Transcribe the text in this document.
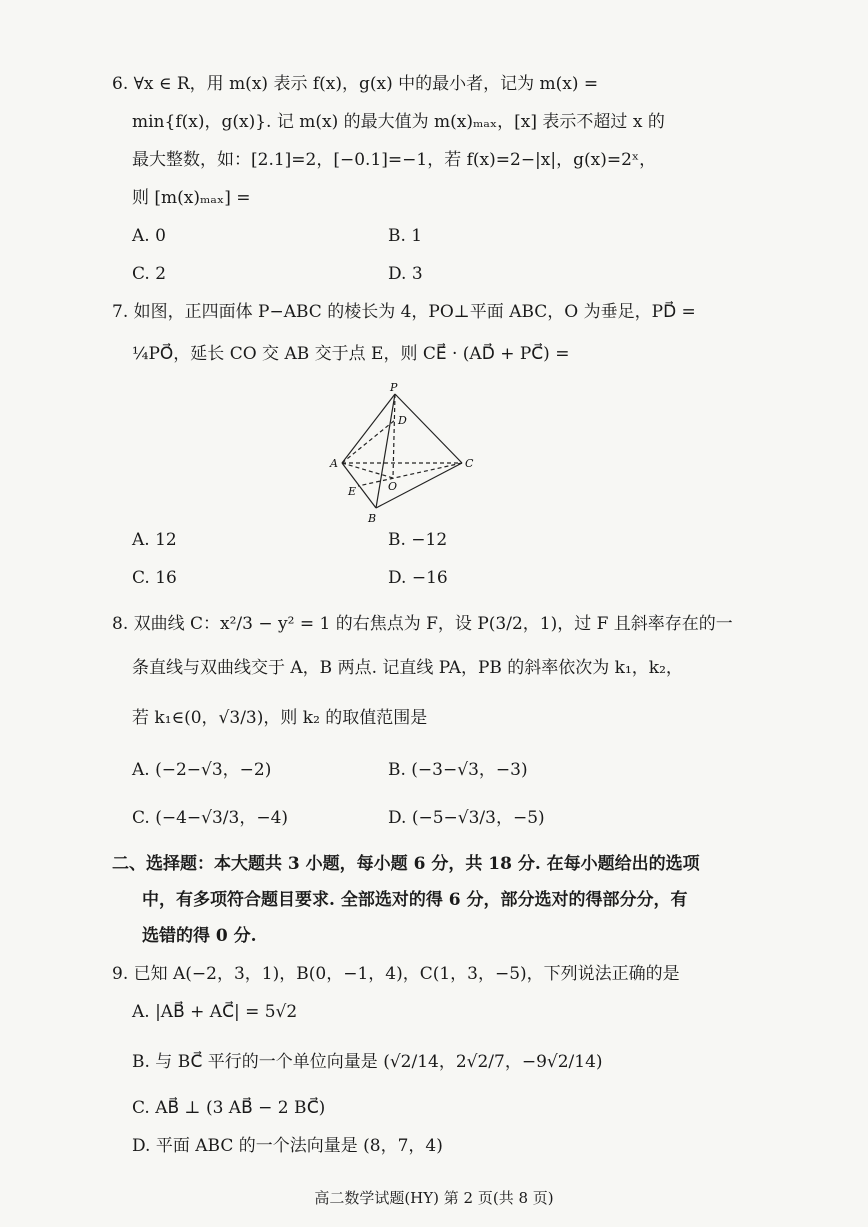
6. ∀x ∈ R，用 m(x) 表示 f(x)，g(x) 中的最小者，记为 m(x) =
min{f(x)，g(x)}. 记 m(x) 的最大值为 m(x)ₘₐₓ，[x] 表示不超过 x 的
最大整数，如：[2.1]=2，[−0.1]=−1，若 f(x)=2−|x|，g(x)=2ˣ，
则 [m(x)ₘₐₓ] =
A. 0	B. 1
C. 2	D. 3
7. 如图，正四面体 P−ABC 的棱长为 4，PO⊥平面 ABC，O 为垂足，PD⃗ =
¼PO⃗，延长 CO 交 AB 交于点 E，则 CE⃗ · (AD⃗ + PC⃗) =
P
D
A	C
E	O
B
A. 12	B. −12
C. 16	D. −16
8. 双曲线 C：x²/3 − y² = 1 的右焦点为 F，设 P(3/2，1)，过 F 且斜率存在的一
条直线与双曲线交于 A，B 两点. 记直线 PA，PB 的斜率依次为 k₁，k₂，
若 k₁∈(0，√3/3)，则 k₂ 的取值范围是
A. (−2−√3，−2)	B. (−3−√3，−3)
C. (−4−√3/3，−4)	D. (−5−√3/3，−5)
二、选择题：本大题共 3 小题，每小题 6 分，共 18 分. 在每小题给出的选项
中，有多项符合题目要求. 全部选对的得 6 分，部分选对的得部分分，有
选错的得 0 分.
9. 已知 A(−2，3，1)，B(0，−1，4)，C(1，3，−5)，下列说法正确的是
A. |AB⃗ + AC⃗| = 5√2
B. 与 BC⃗ 平行的一个单位向量是 (√2/14，2√2/7，−9√2/14)
C. AB⃗ ⊥ (3 AB⃗ − 2 BC⃗)
D. 平面 ABC 的一个法向量是 (8，7，4)
高二数学试题(HY) 第 2 页(共 8 页)
